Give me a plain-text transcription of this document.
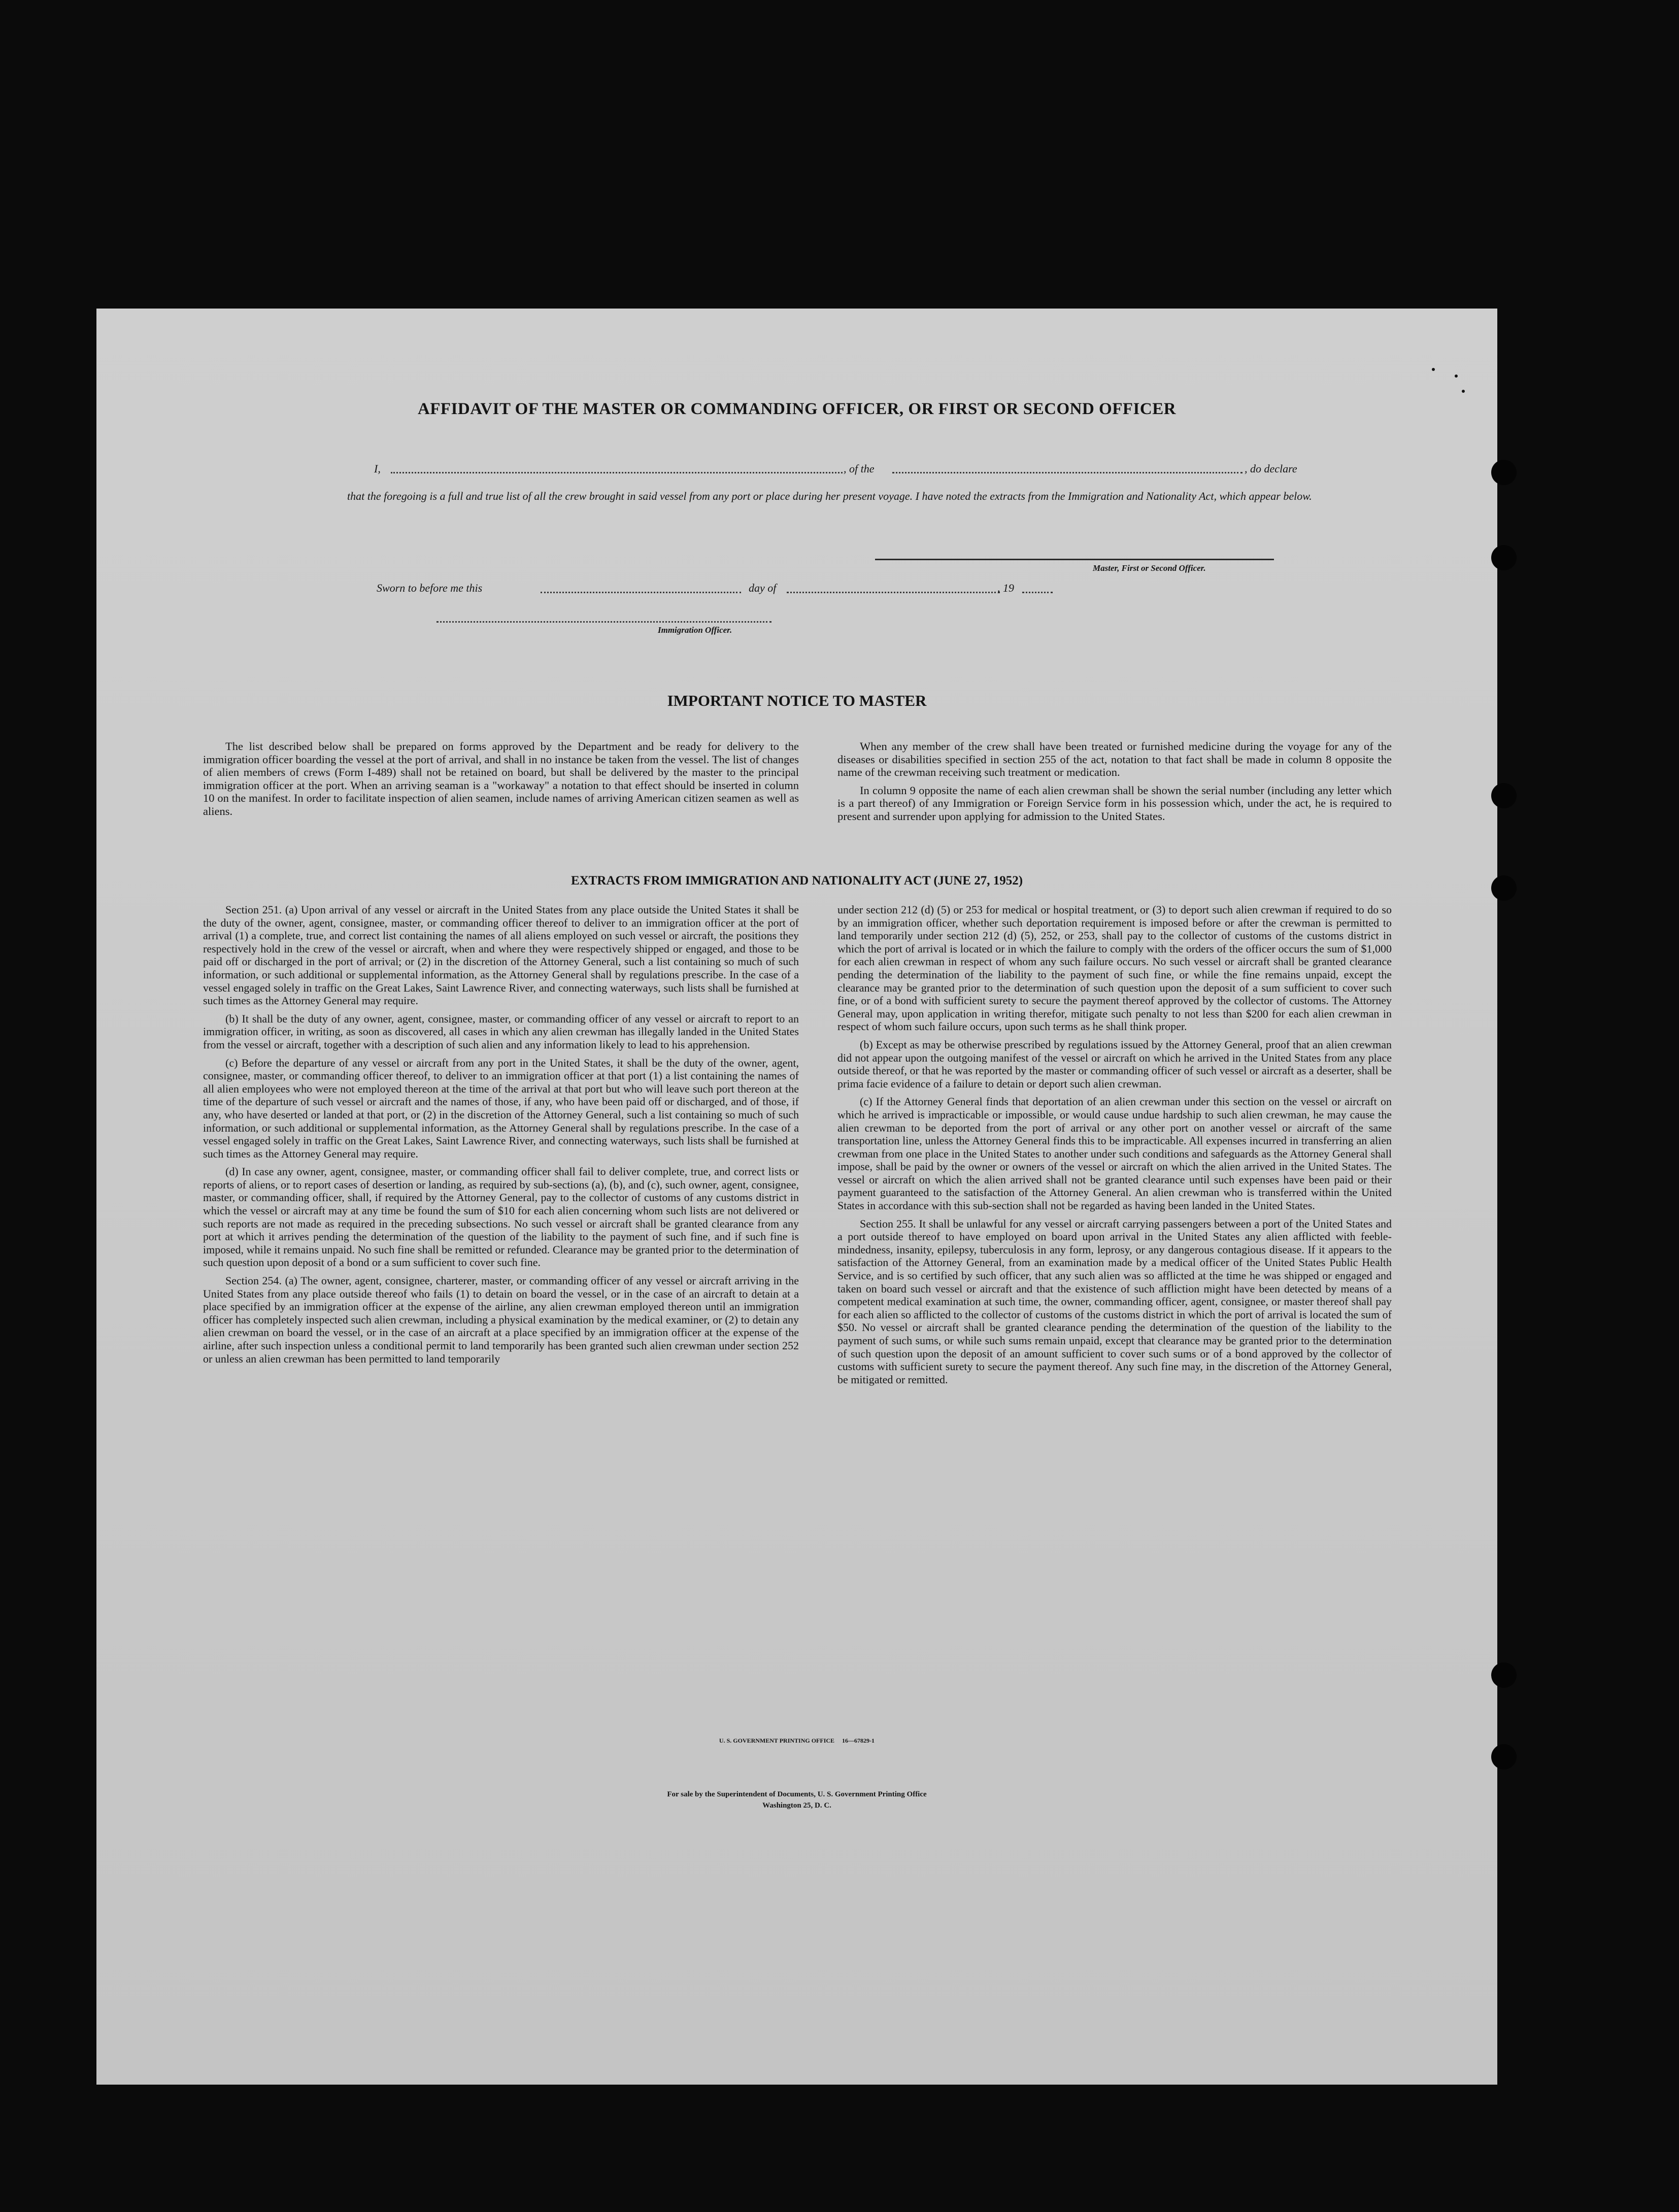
AFFIDAVIT OF THE MASTER OR COMMANDING OFFICER, OR FIRST OR SECOND OFFICER
I,	, of the	, do declare
that the foregoing is a full and true list of all the crew brought in said vessel from any port or place during her present voyage. I have noted the extracts from the Immigration and Nationality Act, which appear below.
Master, First or Second Officer.
Sworn to before me this	day of	, 19
Immigration Officer.
IMPORTANT NOTICE TO MASTER

The list described below shall be prepared on forms approved by the Department and be ready for delivery to the immigration officer boarding the vessel at the port of arrival, and shall in no instance be taken from the vessel. The list of changes of alien members of crews (Form I-489) shall not be retained on board, but shall be delivered by the master to the principal immigration officer at the port. When an arriving seaman is a "workaway" a notation to that effect should be inserted in column 10 on the manifest. In order to facilitate inspection of alien seamen, include names of arriving American citizen seamen as well as aliens.

When any member of the crew shall have been treated or furnished medicine during the voyage for any of the diseases or disabilities specified in section 255 of the act, notation to that fact shall be made in column 8 opposite the name of the crewman receiving such treatment or medication.

In column 9 opposite the name of each alien crewman shall be shown the serial number (including any letter which is a part thereof) of any Immigration or Foreign Service form in his possession which, under the act, he is required to present and surrender upon applying for admission to the United States.

EXTRACTS FROM IMMIGRATION AND NATIONALITY ACT (JUNE 27, 1952)

Section 251. (a) Upon arrival of any vessel or aircraft in the United States from any place outside the United States it shall be the duty of the owner, agent, consignee, master, or commanding officer thereof to deliver to an immigration officer at the port of arrival (1) a complete, true, and correct list containing the names of all aliens employed on such vessel or aircraft, the positions they respectively hold in the crew of the vessel or aircraft, when and where they were respectively shipped or engaged, and those to be paid off or discharged in the port of arrival; or (2) in the discretion of the Attorney General, such a list containing so much of such information, or such additional or supplemental information, as the Attorney General shall by regulations prescribe. In the case of a vessel engaged solely in traffic on the Great Lakes, Saint Lawrence River, and connecting waterways, such lists shall be furnished at such times as the Attorney General may require.

(b) It shall be the duty of any owner, agent, consignee, master, or commanding officer of any vessel or aircraft to report to an immigration officer, in writing, as soon as discovered, all cases in which any alien crewman has illegally landed in the United States from the vessel or aircraft, together with a description of such alien and any information likely to lead to his apprehension.

(c) Before the departure of any vessel or aircraft from any port in the United States, it shall be the duty of the owner, agent, consignee, master, or commanding officer thereof, to deliver to an immigration officer at that port (1) a list containing the names of all alien employees who were not employed thereon at the time of the arrival at that port but who will leave such port thereon at the time of the departure of such vessel or aircraft and the names of those, if any, who have been paid off or discharged, and of those, if any, who have deserted or landed at that port, or (2) in the discretion of the Attorney General, such a list containing so much of such information, or such additional or supplemental information, as the Attorney General shall by regulations prescribe. In the case of a vessel engaged solely in traffic on the Great Lakes, Saint Lawrence River, and connecting waterways, such lists shall be furnished at such times as the Attorney General may require.

(d) In case any owner, agent, consignee, master, or commanding officer shall fail to deliver complete, true, and correct lists or reports of aliens, or to report cases of desertion or landing, as required by sub-sections (a), (b), and (c), such owner, agent, consignee, master, or commanding officer, shall, if required by the Attorney General, pay to the collector of customs of any customs district in which the vessel or aircraft may at any time be found the sum of $10 for each alien concerning whom such lists are not delivered or such reports are not made as required in the preceding subsections. No such vessel or aircraft shall be granted clearance from any port at which it arrives pending the determination of the question of the liability to the payment of such fine, and if such fine is imposed, while it remains unpaid. No such fine shall be remitted or refunded. Clearance may be granted prior to the determination of such question upon deposit of a bond or a sum sufficient to cover such fine.

Section 254. (a) The owner, agent, consignee, charterer, master, or commanding officer of any vessel or aircraft arriving in the United States from any place outside thereof who fails (1) to detain on board the vessel, or in the case of an aircraft to detain at a place specified by an immigration officer at the expense of the airline, any alien crewman employed thereon until an immigration officer has completely inspected such alien crewman, including a physical examination by the medical examiner, or (2) to detain any alien crewman on board the vessel, or in the case of an aircraft at a place specified by an immigration officer at the expense of the airline, after such inspection unless a conditional permit to land temporarily has been granted such alien crewman under section 252 or unless an alien crewman has been permitted to land temporarily

under section 212 (d) (5) or 253 for medical or hospital treatment, or (3) to deport such alien crewman if required to do so by an immigration officer, whether such deportation requirement is imposed before or after the crewman is permitted to land temporarily under section 212 (d) (5), 252, or 253, shall pay to the collector of customs of the customs district in which the port of arrival is located or in which the failure to comply with the orders of the officer occurs the sum of $1,000 for each alien crewman in respect of whom any such failure occurs. No such vessel or aircraft shall be granted clearance pending the determination of the liability to the payment of such fine, or while the fine remains unpaid, except the clearance may be granted prior to the determination of such question upon the deposit of a sum sufficient to cover such fine, or of a bond with sufficient surety to secure the payment thereof approved by the collector of customs. The Attorney General may, upon application in writing therefor, mitigate such penalty to not less than $200 for each alien crewman in respect of whom such failure occurs, upon such terms as he shall think proper.

(b) Except as may be otherwise prescribed by regulations issued by the Attorney General, proof that an alien crewman did not appear upon the outgoing manifest of the vessel or aircraft on which he arrived in the United States from any place outside thereof, or that he was reported by the master or commanding officer of such vessel or aircraft as a deserter, shall be prima facie evidence of a failure to detain or deport such alien crewman.

(c) If the Attorney General finds that deportation of an alien crewman under this section on the vessel or aircraft on which he arrived is impracticable or impossible, or would cause undue hardship to such alien crewman, he may cause the alien crewman to be deported from the port of arrival or any other port on another vessel or aircraft of the same transportation line, unless the Attorney General finds this to be impracticable. All expenses incurred in transferring an alien crewman from one place in the United States to another under such conditions and safeguards as the Attorney General shall impose, shall be paid by the owner or owners of the vessel or aircraft on which the alien arrived in the United States. The vessel or aircraft on which the alien arrived shall not be granted clearance until such expenses have been paid or their payment guaranteed to the satisfaction of the Attorney General. An alien crewman who is transferred within the United States in accordance with this sub-section shall not be regarded as having been landed in the United States.

Section 255. It shall be unlawful for any vessel or aircraft carrying passengers between a port of the United States and a port outside thereof to have employed on board upon arrival in the United States any alien afflicted with feeble-mindedness, insanity, epilepsy, tuberculosis in any form, leprosy, or any dangerous contagious disease. If it appears to the satisfaction of the Attorney General, from an examination made by a medical officer of the United States Public Health Service, and is so certified by such officer, that any such alien was so afflicted at the time he was shipped or engaged and taken on board such vessel or aircraft and that the existence of such affliction might have been detected by means of a competent medical examination at such time, the owner, commanding officer, agent, consignee, or master thereof shall pay for each alien so afflicted to the collector of customs of the customs district in which the port of arrival is located the sum of $50. No vessel or aircraft shall be granted clearance pending the determination of the question of the liability to the payment of such sums, or while such sums remain unpaid, except that clearance may be granted prior to the determination of such question upon the deposit of an amount sufficient to cover such sums or of a bond approved by the collector of customs with sufficient surety to secure the payment thereof. Any such fine may, in the discretion of the Attorney General, be mitigated or remitted.

U. S. GOVERNMENT PRINTING OFFICE     16—67829-1
For sale by the Superintendent of Documents, U. S. Government Printing Office
Washington 25, D. C.
